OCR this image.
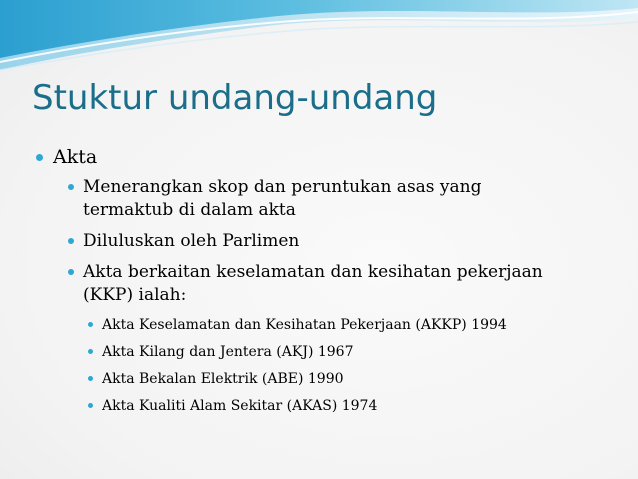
Stuktur undang-undang
Akta
Menerangkan skop dan peruntukan asas yang
termaktub di dalam akta
Diluluskan oleh Parlimen
Akta berkaitan keselamatan dan kesihatan pekerjaan
(KKP) ialah:
Akta Keselamatan dan Kesihatan Pekerjaan (AKKP) 1994
Akta Kilang dan Jentera (AKJ) 1967
Akta Bekalan Elektrik (ABE) 1990
Akta Kualiti Alam Sekitar (AKAS) 1974
